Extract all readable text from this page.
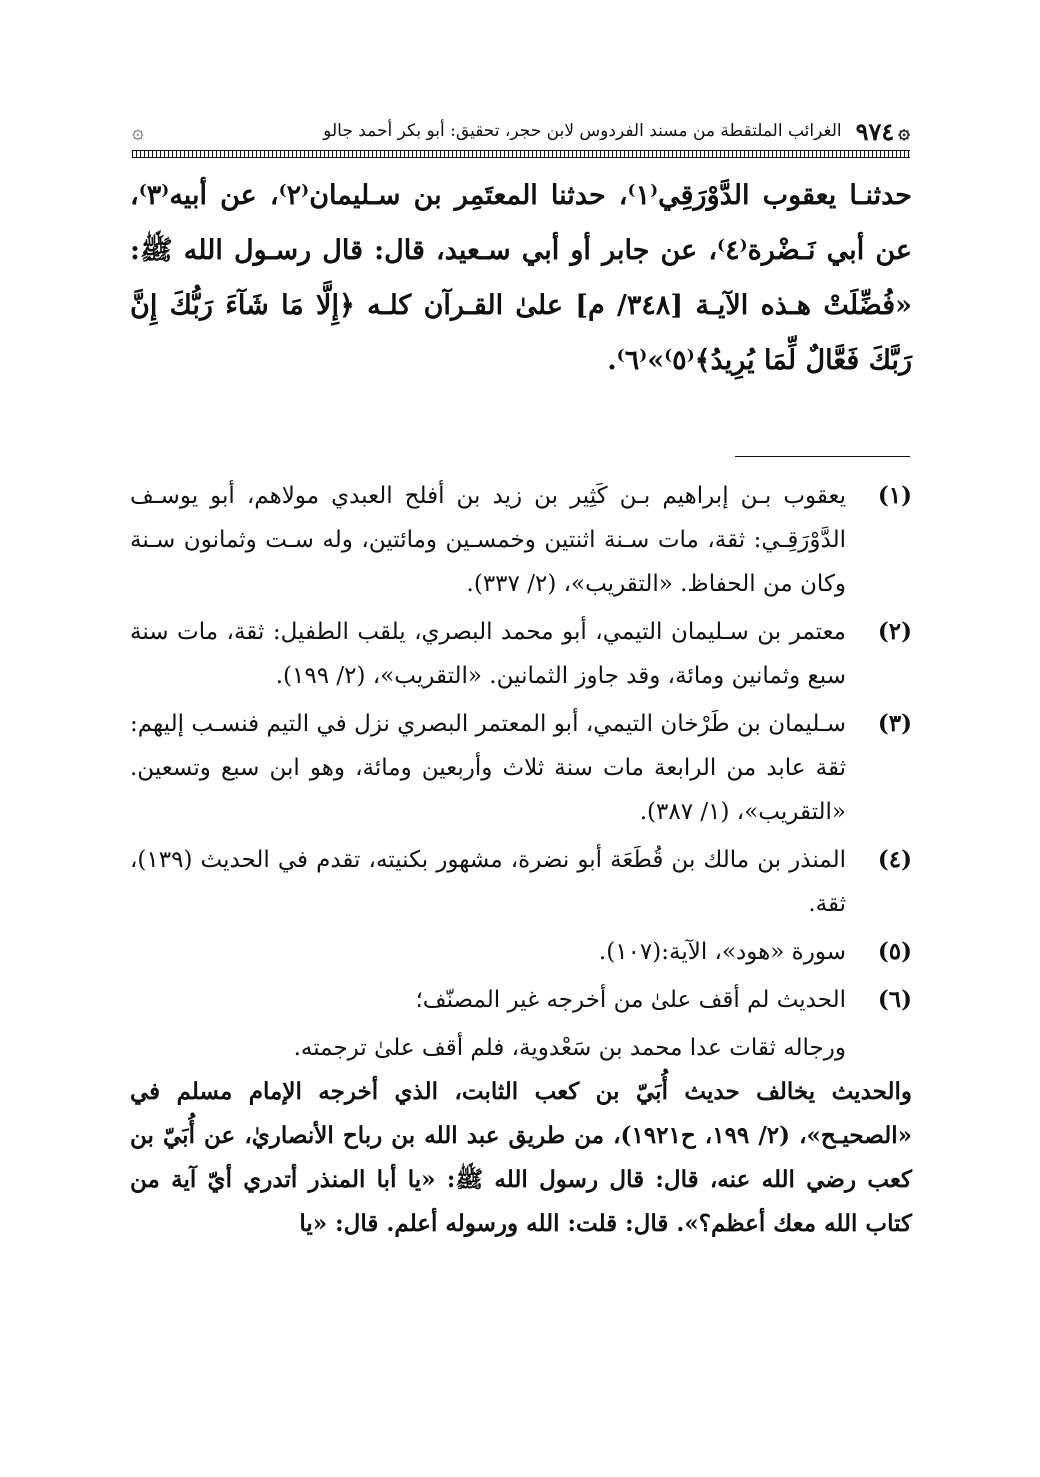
۞
٩٧٤
الغرائب الملتقطة من مسند الفردوس لابن حجر، تحقيق: أبو بكر أحمد جالو
۞

حدثنـا يعقوب الدَّوْرَقِي⁽١⁾، حدثنا المعتَمِر بن سـليمان⁽٢⁾، عن أبيه⁽٣⁾، عن أبي نَـضْرة⁽٤⁾، عن جابر أو أبي سـعيد، قال: قال رسـول الله ﷺ: «فُضِّلَتْ هـذه الآيـة [٣٤٨/ م] علىٰ القـرآن كلـه ﴿إِلَّا مَا شَآءَ رَبُّكَ إِنَّ رَبَّكَ فَعَّالٌ لِّمَا يُرِيدُ﴾⁽٥⁾»⁽٦⁾.

(١)
يعقوب بـن إبراهيم بـن كَثِير بن زيد بن أفلح العبدي مولاهم، أبو يوسـف الدَّوْرَقِـي: ثقة، مات سـنة اثنتين وخمسـين ومائتين، وله سـت وثمانون سـنة وكان من الحفاظ. «التقريب»، (٢/ ٣٣٧).
(٢)
معتمر بن سـليمان التيمي، أبو محمد البصري، يلقب الطفيل: ثقة، مات سنة سبع وثمانين ومائة، وقد جاوز الثمانين. «التقريب»، (٢/ ١٩٩).
(٣)
سـليمان بن طَرْخان التيمي، أبو المعتمر البصري نزل في التيم فنسـب إليهم: ثقة عابد من الرابعة مات سنة ثلاث وأربعين ومائة، وهو ابن سبع وتسعين. «التقريب»، (١/ ٣٨٧).
(٤)
المنذر بن مالك بن قُطَعَة أبو نضرة، مشهور بكنيته، تقدم في الحديث (١٣٩)، ثقة.
(٥)
سورة «هود»، الآية:(١٠٧).
(٦)
الحديث لم أقف علىٰ من أخرجه غير المصنّف؛
ورجاله ثقات عدا محمد بن سَعْدوية، فلم أقف علىٰ ترجمته.
والحديث يخالف حديث أُبَيّ بن كعب الثابت، الذي أخرجه الإمام مسلم في «الصحيـح»، (٢/ ١٩٩، ح١٩٢١)، من طريق عبد الله بن رباح الأنصاريٰ، عن أُبَيّ بن كعب رضي الله عنه، قال: قال رسول الله ﷺ: «يا أبا المنذر أتدري أيّ آية من كتاب الله معك أعظم؟». قال: قلت: الله ورسوله أعلم. قال: «يا
